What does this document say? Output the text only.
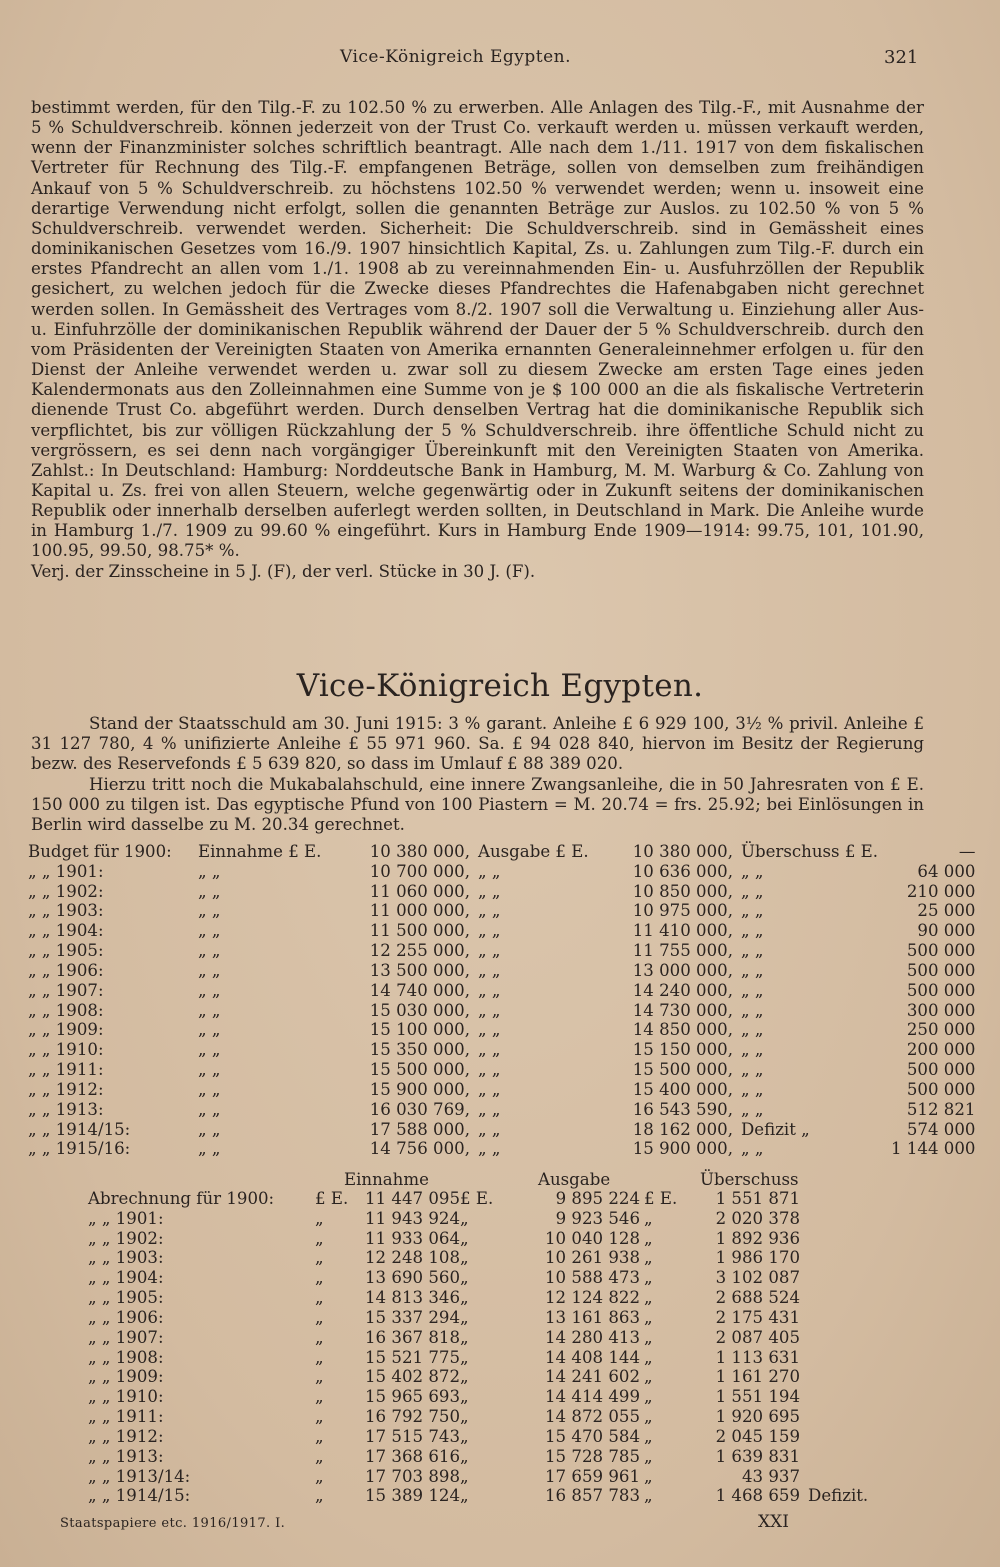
Vice-Königreich Egypten.	321

bestimmt werden, für den Tilg.-F. zu 102.50 % zu erwerben. Alle Anlagen des Tilg.-F., mit Ausnahme der 5 % Schuldverschreib. können jederzeit von der Trust Co. verkauft werden u. müssen verkauft werden, wenn der Finanzminister solches schriftlich beantragt. Alle nach dem 1./11. 1917 von dem fiskalischen Vertreter für Rechnung des Tilg.-F. empfangenen Beträge, sollen von demselben zum freihändigen Ankauf von 5 % Schuldverschreib. zu höchstens 102.50 % verwendet werden; wenn u. insoweit eine derartige Verwendung nicht erfolgt, sollen die genannten Beträge zur Auslos. zu 102.50 % von 5 % Schuldverschreib. verwendet werden. Sicherheit: Die Schuldverschreib. sind in Gemässheit eines dominikanischen Gesetzes vom 16./9. 1907 hinsichtlich Kapital, Zs. u. Zahlungen zum Tilg.-F. durch ein erstes Pfandrecht an allen vom 1./1. 1908 ab zu vereinnahmenden Ein- u. Ausfuhrzöllen der Republik gesichert, zu welchen jedoch für die Zwecke dieses Pfandrechtes die Hafenabgaben nicht gerechnet werden sollen. In Gemässheit des Vertrages vom 8./2. 1907 soll die Verwaltung u. Einziehung aller Aus- u. Einfuhrzölle der dominikanischen Republik während der Dauer der 5 % Schuldverschreib. durch den vom Präsidenten der Vereinigten Staaten von Amerika ernannten Generaleinnehmer erfolgen u. für den Dienst der Anleihe verwendet werden u. zwar soll zu diesem Zwecke am ersten Tage eines jeden Kalendermonats aus den Zolleinnahmen eine Summe von je $ 100 000 an die als fiskalische Vertreterin dienende Trust Co. abgeführt werden. Durch denselben Vertrag hat die dominikanische Republik sich verpflichtet, bis zur völligen Rückzahlung der 5 % Schuldverschreib. ihre öffentliche Schuld nicht zu vergrössern, es sei denn nach vorgängiger Übereinkunft mit den Vereinigten Staaten von Amerika. Zahlst.: In Deutschland: Hamburg: Norddeutsche Bank in Hamburg, M. M. Warburg & Co. Zahlung von Kapital u. Zs. frei von allen Steuern, welche gegenwärtig oder in Zukunft seitens der dominikanischen Republik oder innerhalb derselben auferlegt werden sollten, in Deutschland in Mark. Die Anleihe wurde in Hamburg 1./7. 1909 zu 99.60 % eingeführt. Kurs in Hamburg Ende 1909—1914: 99.75, 101, 101.90, 100.95, 99.50, 98.75* %.

Verj. der Zinsscheine in 5 J. (F), der verl. Stücke in 30 J. (F).

Vice-Königreich Egypten.

Stand der Staatsschuld am 30. Juni 1915: 3 % garant. Anleihe £ 6 929 100, 3½ % privil. Anleihe £ 31 127 780, 4 % unifizierte Anleihe £ 55 971 960. Sa. £ 94 028 840, hiervon im Besitz der Regierung bezw. des Reservefonds £ 5 639 820, so dass im Umlauf £ 88 389 020.

Hierzu tritt noch die Mukabalahschuld, eine innere Zwangsanleihe, die in 50 Jahresraten von £ E. 150 000 zu tilgen ist. Das egyptische Pfund von 100 Piastern = M. 20.74 = frs. 25.92; bei Einlösungen in Berlin wird dasselbe zu M. 20.34 gerechnet.

Budget für 1900:	Einnahme £ E.	10 380 000,	Ausgabe £ E.	10 380 000,	Überschuss £ E.	—
„ „ 1901:	„ „	10 700 000,	„ „	10 636 000,	„ „	64 000
„ „ 1902:	„ „	11 060 000,	„ „	10 850 000,	„ „	210 000
„ „ 1903:	„ „	11 000 000,	„ „	10 975 000,	„ „	25 000
„ „ 1904:	„ „	11 500 000,	„ „	11 410 000,	„ „	90 000
„ „ 1905:	„ „	12 255 000,	„ „	11 755 000,	„ „	500 000
„ „ 1906:	„ „	13 500 000,	„ „	13 000 000,	„ „	500 000
„ „ 1907:	„ „	14 740 000,	„ „	14 240 000,	„ „	500 000
„ „ 1908:	„ „	15 030 000,	„ „	14 730 000,	„ „	300 000
„ „ 1909:	„ „	15 100 000,	„ „	14 850 000,	„ „	250 000
„ „ 1910:	„ „	15 350 000,	„ „	15 150 000,	„ „	200 000
„ „ 1911:	„ „	15 500 000,	„ „	15 500 000,	„ „	500 000
„ „ 1912:	„ „	15 900 000,	„ „	15 400 000,	„ „	500 000
„ „ 1913:	„ „	16 030 769,	„ „	16 543 590,	„ „	512 821
„ „ 1914/15:	„ „	17 588 000,	„ „	18 162 000,	Defizit „	574 000
„ „ 1915/16:	„ „	14 756 000,	„ „	15 900 000,	„ „	1 144 000
Einnahme	Ausgabe	Überschuss
Abrechnung für 1900:	£ E.	11 447 095	£ E.	9 895 224	£ E.	1 551 871	
„ „ 1901:	„	11 943 924	„	9 923 546	„	2 020 378	
„ „ 1902:	„	11 933 064	„	10 040 128	„	1 892 936	
„ „ 1903:	„	12 248 108	„	10 261 938	„	1 986 170	
„ „ 1904:	„	13 690 560	„	10 588 473	„	3 102 087	
„ „ 1905:	„	14 813 346	„	12 124 822	„	2 688 524	
„ „ 1906:	„	15 337 294	„	13 161 863	„	2 175 431	
„ „ 1907:	„	16 367 818	„	14 280 413	„	2 087 405	
„ „ 1908:	„	15 521 775	„	14 408 144	„	1 113 631	
„ „ 1909:	„	15 402 872	„	14 241 602	„	1 161 270	
„ „ 1910:	„	15 965 693	„	14 414 499	„	1 551 194	
„ „ 1911:	„	16 792 750	„	14 872 055	„	1 920 695	
„ „ 1912:	„	17 515 743	„	15 470 584	„	2 045 159	
„ „ 1913:	„	17 368 616	„	15 728 785	„	1 639 831	
„ „ 1913/14:	„	17 703 898	„	17 659 961	„	43 937	
„ „ 1914/15:	„	15 389 124	„	16 857 783	„	1 468 659	Defizit.
Staatspapiere etc. 1916/1917. I.	XXI
